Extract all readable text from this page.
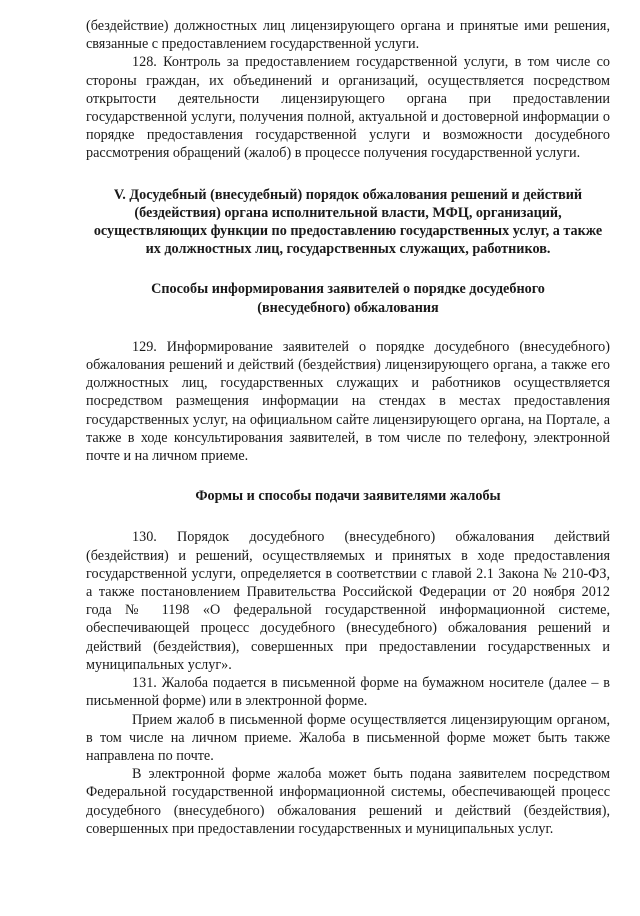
(бездействие) должностных лиц лицензирующего органа и принятые ими решения, связанные с предоставлением государственной услуги.

128. Контроль за предоставлением государственной услуги, в том числе со стороны граждан, их объединений и организаций, осуществляется посредством открытости деятельности лицензирующего органа при предоставлении государственной услуги, получения полной, актуальной и достоверной информации о порядке предоставления государственной услуги и возможности досудебного рассмотрения обращений (жалоб) в процессе получения государственной услуги.

V. Досудебный (внесудебный) порядок обжалования решений и действий (бездействия) органа исполнительной власти, МФЦ, организаций, осуществляющих функции по предоставлению государственных услуг, а также их должностных лиц, государственных служащих, работников.
Способы информирования заявителей о порядке досудебного (внесудебного) обжалования

129. Информирование заявителей о порядке досудебного (внесудебного) обжалования решений и действий (бездействия) лицензирующего органа, а также его должностных лиц, государственных служащих и работников осуществляется посредством размещения информации на стендах в местах предоставления государственных услуг, на официальном сайте лицензирующего органа, на Портале, а также в ходе консультирования заявителей, в том числе по телефону, электронной почте и на личном приеме.

Формы и способы подачи заявителями жалобы

130. Порядок досудебного (внесудебного) обжалования действий (бездействия) и решений, осуществляемых и принятых в ходе предоставления государственной услуги, определяется в соответствии с главой 2.1 Закона № 210-ФЗ, а также постановлением Правительства Российской Федерации от 20 ноября 2012 года № 1198 «О федеральной государственной информационной системе, обеспечивающей процесс досудебного (внесудебного) обжалования решений и действий (бездействия), совершенных при предоставлении государственных и муниципальных услуг».

131. Жалоба подается в письменной форме на бумажном носителе (далее – в письменной форме) или в электронной форме.

Прием жалоб в письменной форме осуществляется лицензирующим органом, в том числе на личном приеме. Жалоба в письменной форме может быть также направлена по почте.

В электронной форме жалоба может быть подана заявителем посредством Федеральной государственной информационной системы, обеспечивающей процесс досудебного (внесудебного) обжалования решений и действий (бездействия), совершенных при предоставлении государственных и муниципальных услуг.
